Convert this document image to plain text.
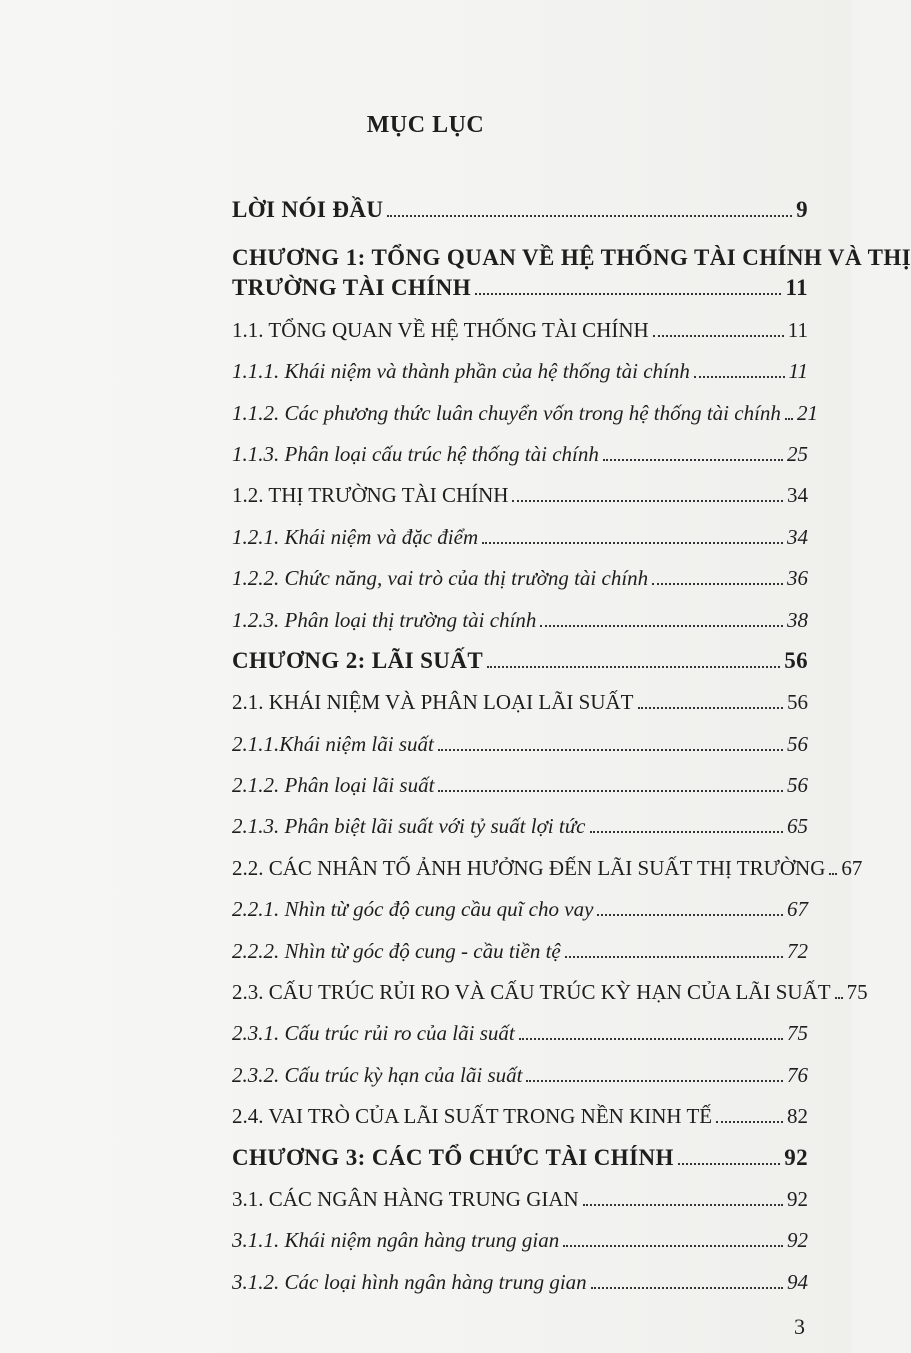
MỤC LỤC
LỜI NÓI ĐẦU	9
CHƯƠNG 1: TỔNG QUAN VỀ HỆ THỐNG TÀI CHÍNH VÀ THỊ
TRƯỜNG TÀI CHÍNH	11
1.1. TỔNG QUAN VỀ HỆ THỐNG TÀI CHÍNH	11
1.1.1. Khái niệm và thành phần của hệ thống tài chính	11
1.1.2. Các phương thức luân chuyển vốn trong hệ thống tài chính 21
1.1.3. Phân loại cấu trúc hệ thống tài chính	25
1.2. THỊ TRƯỜNG TÀI CHÍNH	34
1.2.1. Khái niệm và đặc điểm	34
1.2.2. Chức năng, vai trò của thị trường tài chính	36
1.2.3. Phân loại thị trường tài chính	38
CHƯƠNG 2: LÃI SUẤT	56
2.1. KHÁI NIỆM VÀ PHÂN LOẠI LÃI SUẤT	56
2.1.1.Khái niệm lãi suất	56
2.1.2. Phân loại lãi suất	56
2.1.3. Phân biệt lãi suất với tỷ suất lợi tức	65
2.2. CÁC NHÂN TỐ ẢNH HƯỞNG ĐẾN LÃI SUẤT THỊ TRƯỜNG 67
2.2.1. Nhìn từ góc độ cung cầu quĩ cho vay	67
2.2.2. Nhìn từ góc độ cung - cầu tiền tệ	72
2.3. CẤU TRÚC RỦI RO VÀ CẤU TRÚC KỲ HẠN CỦA LÃI SUẤT 75
2.3.1. Cấu trúc rủi ro của lãi suất	75
2.3.2. Cấu trúc kỳ hạn của lãi suất	76
2.4. VAI TRÒ CỦA LÃI SUẤT TRONG NỀN KINH TẾ	82
CHƯƠNG 3: CÁC TỔ CHỨC TÀI CHÍNH	92
3.1. CÁC NGÂN HÀNG TRUNG GIAN	92
3.1.1. Khái niệm ngân hàng trung gian	92
3.1.2. Các loại hình ngân hàng trung gian	94
3
